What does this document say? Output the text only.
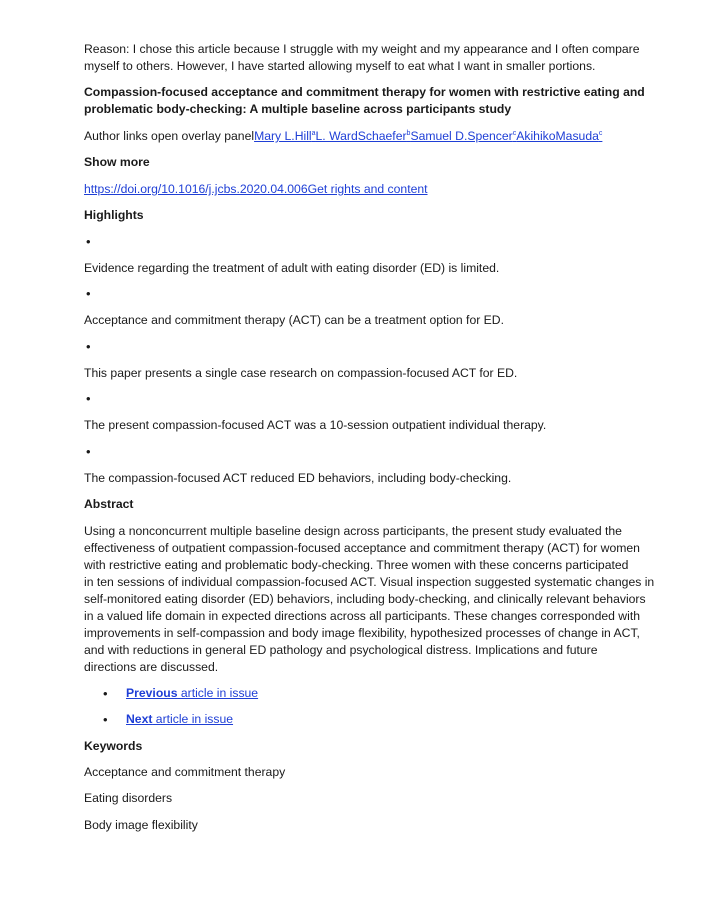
Reason: I chose this article because I struggle with my weight and my appearance and I often compare
myself to others. However, I have started allowing myself to eat what I want in smaller portions.
Compassion-focused acceptance and commitment therapy for women with restrictive eating and
problematic body-checking: A multiple baseline across participants study
Author links open overlay panelMary L.Hill$^a$L. WardSchaefer$^b$Samuel D.Spencer$^c$AkihikoMasuda$^c$
Show more
https://doi.org/10.1016/j.jcbs.2020.04.006Get rights and content
Highlights
•
Evidence regarding the treatment of adult with eating disorder (ED) is limited.
•
Acceptance and commitment therapy (ACT) can be a treatment option for ED.
•
This paper presents a single case research on compassion-focused ACT for ED.
•
The present compassion-focused ACT was a 10-session outpatient individual therapy.
•
The compassion-focused ACT reduced ED behaviors, including body-checking.
Abstract
Using a nonconcurrent multiple baseline design across participants, the present study evaluated the
effectiveness of outpatient compassion-focused acceptance and commitment therapy (ACT) for women
with restrictive eating and problematic body-checking. Three women with these concerns participated
in ten sessions of individual compassion-focused ACT. Visual inspection suggested systematic changes in
self-monitored eating disorder (ED) behaviors, including body-checking, and clinically relevant behaviors
in a valued life domain in expected directions across all participants. These changes corresponded with
improvements in self-compassion and body image flexibility, hypothesized processes of change in ACT,
and with reductions in general ED pathology and psychological distress. Implications and future
directions are discussed.
• Previous article in issue
• Next article in issue
Keywords
Acceptance and commitment therapy
Eating disorders
Body image flexibility
